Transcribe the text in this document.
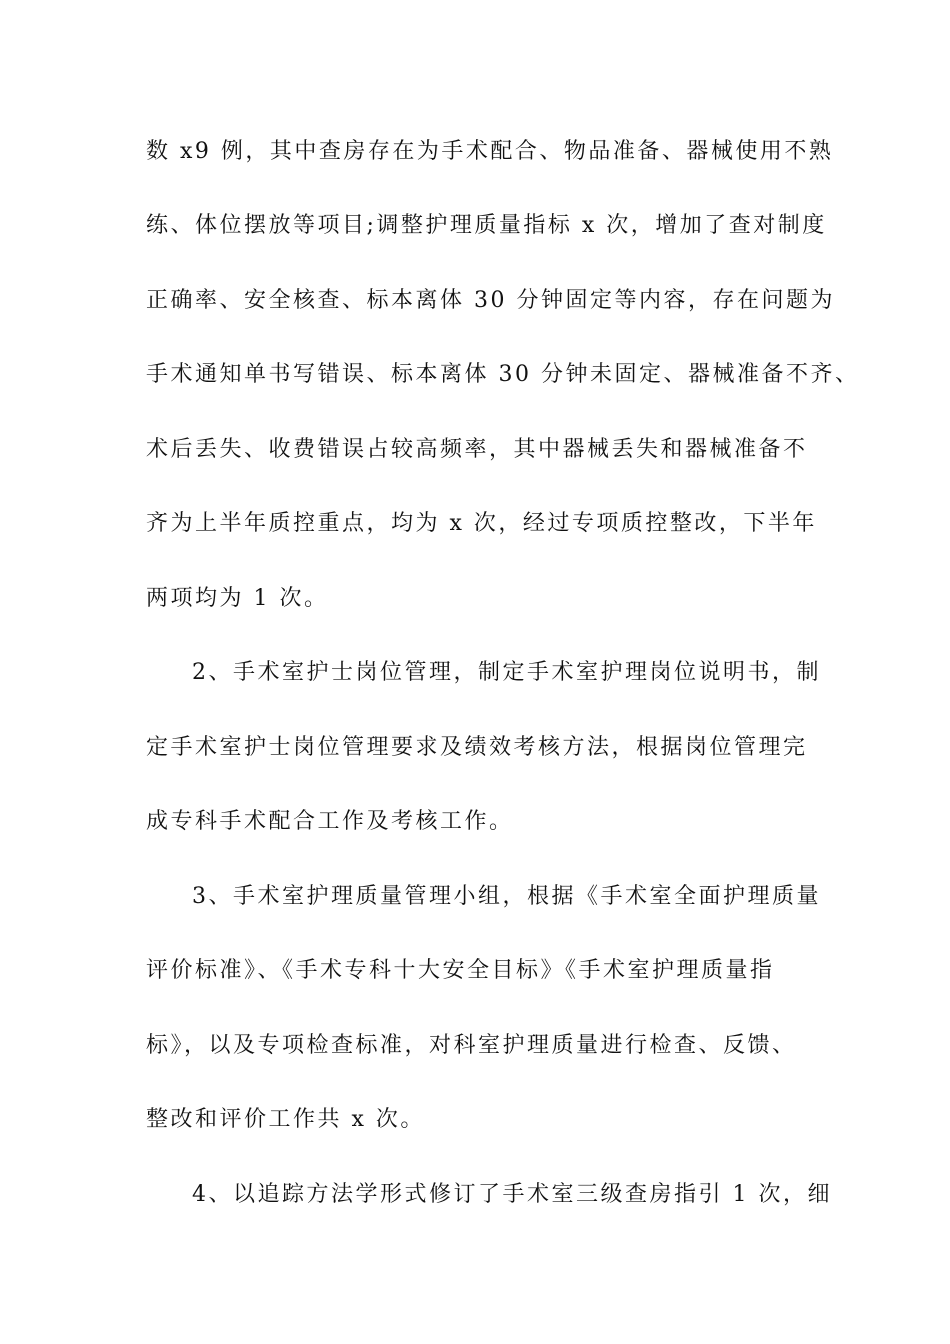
数 x9 例，其中查房存在为手术配合、物品准备、器械使用不熟
练、体位摆放等项目;调整护理质量指标 x 次，增加了查对制度
正确率、安全核查、标本离体 30 分钟固定等内容，存在问题为
手术通知单书写错误、标本离体 30 分钟未固定、器械准备不齐、
术后丢失、收费错误占较高频率，其中器械丢失和器械准备不
齐为上半年质控重点，均为 x 次，经过专项质控整改，下半年
两项均为 1 次。
2、手术室护士岗位管理，制定手术室护理岗位说明书，制
定手术室护士岗位管理要求及绩效考核方法，根据岗位管理完
成专科手术配合工作及考核工作。
3、手术室护理质量管理小组，根据《手术室全面护理质量
评价标准》、《手术专科十大安全目标》《手术室护理质量指
标》，以及专项检查标准，对科室护理质量进行检查、反馈、
整改和评价工作共 x 次。
4、以追踪方法学形式修订了手术室三级查房指引 1 次，细
